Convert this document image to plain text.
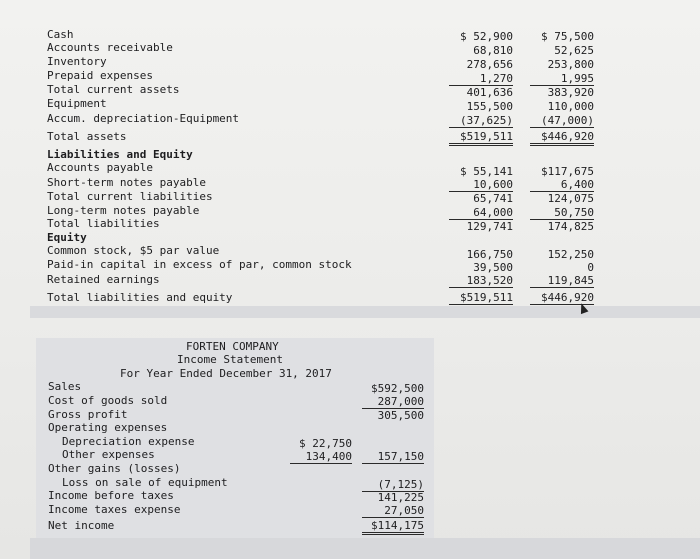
Cash
Accounts receivable
Inventory
Prepaid expenses
Total current assets
Equipment
Accum. depreciation-Equipment
Total assets
Liabilities and Equity
Accounts payable
Short-term notes payable
Total current liabilities
Long-term notes payable
Total liabilities
Equity
Common stock, $5 par value
Paid-in capital in excess of par, common stock
Retained earnings
Total liabilities and equity
$ 52,900
68,810
278,656
1,270
401,636
155,500
(37,625)
$519,511
$ 55,141
10,600
65,741
64,000
129,741
166,750
39,500
183,520
$519,511
$ 75,500
52,625
253,800
1,995
383,920
110,000
(47,000)
$446,920
$117,675
6,400
124,075
50,750
174,825
152,250
0
119,845
$446,920
FORTEN COMPANY
Income Statement
For Year Ended December 31, 2017
Sales
Cost of goods sold
Gross profit
Operating expenses
Depreciation expense
Other expenses
Other gains (losses)
Loss on sale of equipment
Income before taxes
Income taxes expense
Net income
$ 22,750
134,400
$592,500
287,000
305,500
157,150
(7,125)
141,225
27,050
$114,175
